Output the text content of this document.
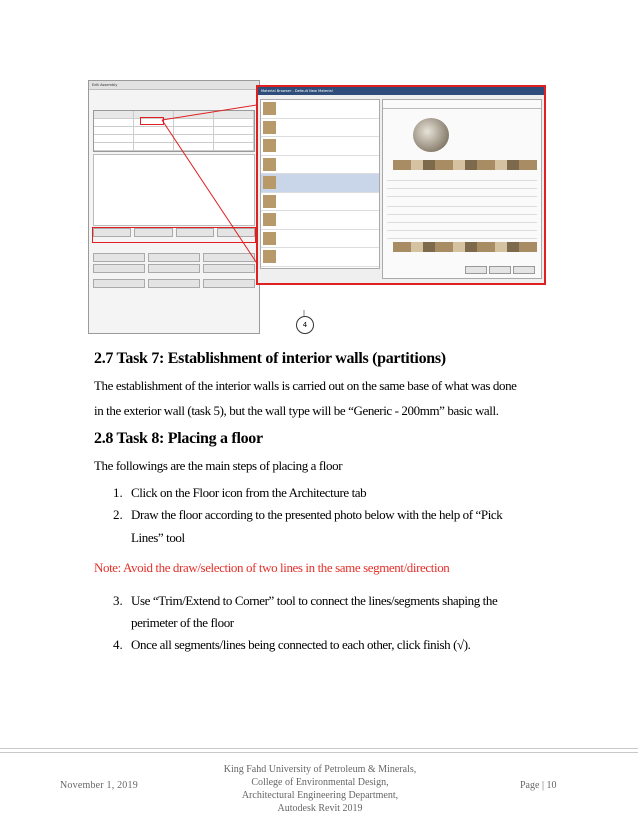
Edit Assembly
Material Browser - Default New Material
4
2.7 Task 7: Establishment of interior walls (partitions)
The establishment of the interior walls is carried out on the same base of what was done
in the exterior wall (task 5), but the wall type will be “Generic - 200mm” basic wall.
2.8 Task 8: Placing a floor
The followings are the main steps of placing a floor
1. Click on the Floor icon from the Architecture tab
2. Draw the floor according to the presented photo below with the help of “Pick
Lines” tool
Note: Avoid the draw/selection of two lines in the same segment/direction
3. Use “Trim/Extend to Corner” tool to connect the lines/segments shaping the
perimeter of the floor
4. Once all segments/lines being connected to each other, click finish (√).
November 1, 2019
King Fahd University of Petroleum & Minerals,
College of Environmental Design,
Architectural Engineering Department,
Autodesk Revit 2019
Page | 10
